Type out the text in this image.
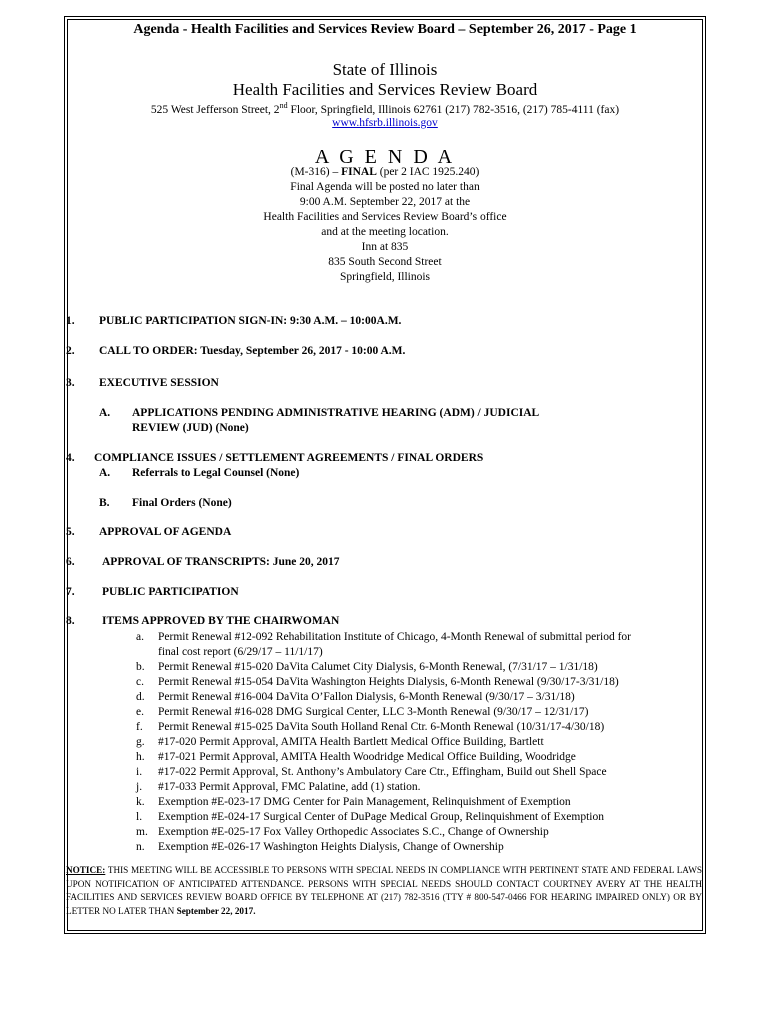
Agenda - Health Facilities and Services Review Board – September 26, 2017 - Page 1
State of Illinois
Health Facilities and Services Review Board
525 West Jefferson Street, 2nd Floor, Springfield, Illinois 62761 (217) 782-3516, (217) 785-4111 (fax)
www.hfsrb.illinois.gov
A G E N D A
(M-316) – FINAL (per 2 IAC 1925.240)
Final Agenda will be posted no later than
9:00 A.M. September 22, 2017 at the
Health Facilities and Services Review Board’s office
and at the meeting location.
Inn at 835
835 South Second Street
Springfield, Illinois
1. PUBLIC PARTICIPATION SIGN-IN: 9:30 A.M. – 10:00A.M.
2. CALL TO ORDER: Tuesday, September 26, 2017 - 10:00 A.M.
3. EXECUTIVE SESSION
A. APPLICATIONS PENDING ADMINISTRATIVE HEARING (ADM) / JUDICIAL
REVIEW (JUD) (None)
4. COMPLIANCE ISSUES / SETTLEMENT AGREEMENTS / FINAL ORDERS
A. Referrals to Legal Counsel (None)
B. Final Orders (None)
5. APPROVAL OF AGENDA
6. APPROVAL OF TRANSCRIPTS: June 20, 2017
7. PUBLIC PARTICIPATION
8. ITEMS APPROVED BY THE CHAIRWOMAN
a. Permit Renewal #12-092 Rehabilitation Institute of Chicago, 4-Month Renewal of submittal period for
final cost report (6/29/17 – 11/1/17)
b. Permit Renewal #15-020 DaVita Calumet City Dialysis, 6-Month Renewal, (7/31/17 – 1/31/18)
c. Permit Renewal #15-054 DaVita Washington Heights Dialysis, 6-Month Renewal (9/30/17-3/31/18)
d. Permit Renewal #16-004 DaVita O’Fallon Dialysis, 6-Month Renewal (9/30/17 – 3/31/18)
e. Permit Renewal #16-028 DMG Surgical Center, LLC 3-Month Renewal (9/30/17 – 12/31/17)
f. Permit Renewal #15-025 DaVita South Holland Renal Ctr. 6-Month Renewal (10/31/17-4/30/18)
g. #17-020 Permit Approval, AMITA Health Bartlett Medical Office Building, Bartlett
h. #17-021 Permit Approval, AMITA Health Woodridge Medical Office Building, Woodridge
i. #17-022 Permit Approval, St. Anthony’s Ambulatory Care Ctr., Effingham, Build out Shell Space
j. #17-033 Permit Approval, FMC Palatine, add (1) station.
k. Exemption #E-023-17 DMG Center for Pain Management, Relinquishment of Exemption
l. Exemption #E-024-17 Surgical Center of DuPage Medical Group, Relinquishment of Exemption
m. Exemption #E-025-17 Fox Valley Orthopedic Associates S.C., Change of Ownership
n. Exemption #E-026-17 Washington Heights Dialysis, Change of Ownership
NOTICE: THIS MEETING WILL BE ACCESSIBLE TO PERSONS WITH SPECIAL NEEDS IN COMPLIANCE WITH PERTINENT STATE AND FEDERAL LAWS UPON NOTIFICATION OF ANTICIPATED ATTENDANCE. PERSONS WITH SPECIAL NEEDS SHOULD CONTACT COURTNEY AVERY AT THE HEALTH FACILITIES AND SERVICES REVIEW BOARD OFFICE BY TELEPHONE AT (217) 782-3516 (TTY # 800-547-0466 FOR HEARING IMPAIRED ONLY) OR BY LETTER NO LATER THAN September 22, 2017.
